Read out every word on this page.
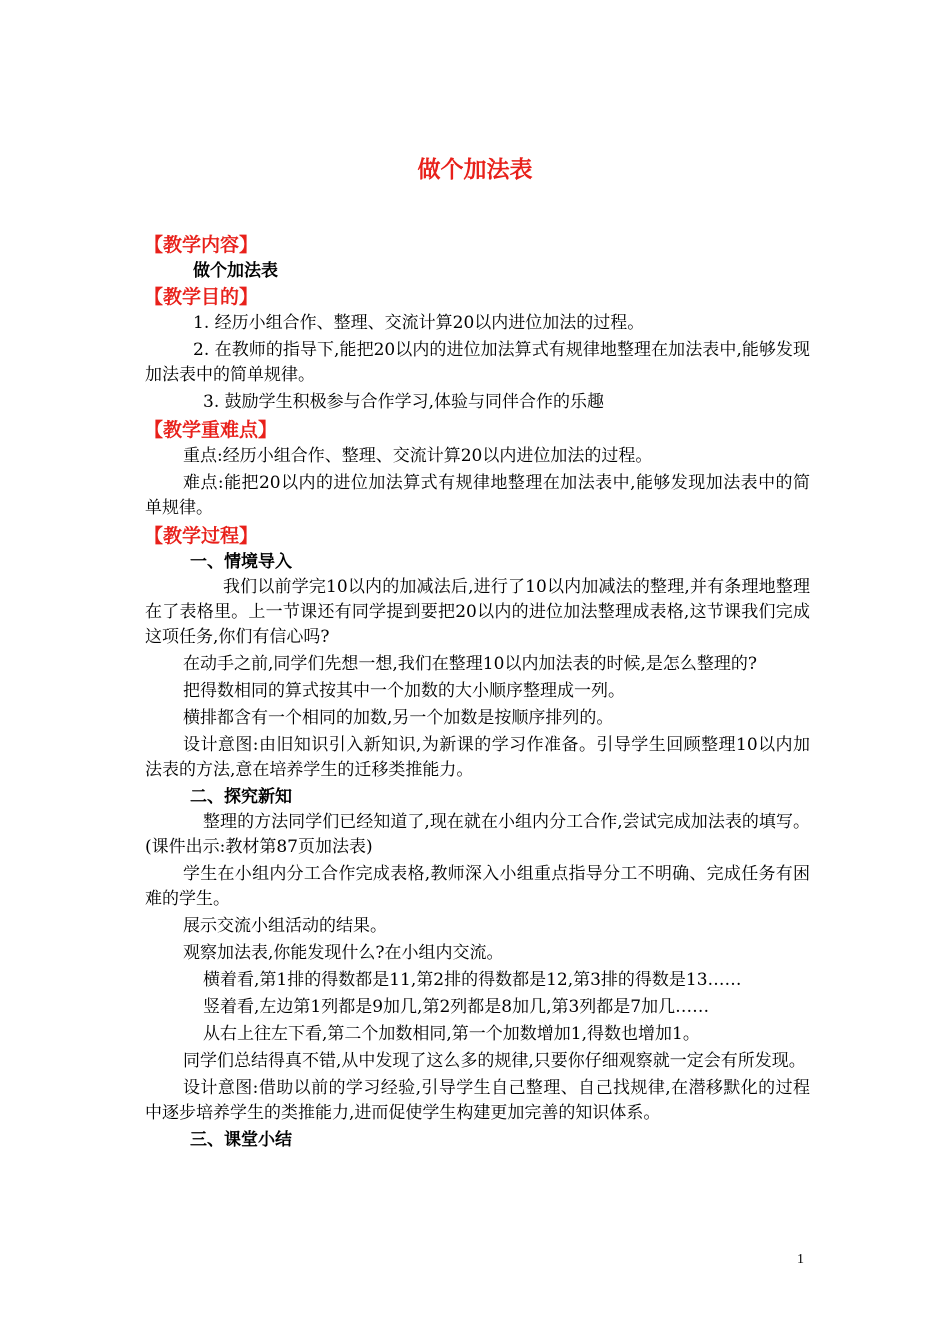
做个加法表
【教学内容】
做个加法表
【教学目的】
1. 经历小组合作、整理、交流计算20以内进位加法的过程。
2. 在教师的指导下,能把20以内的进位加法算式有规律地整理在加法表中,能够发现加法表中的简单规律。
3. 鼓励学生积极参与合作学习,体验与同伴合作的乐趣
【教学重难点】
重点:经历小组合作、整理、交流计算20以内进位加法的过程。
难点:能把20以内的进位加法算式有规律地整理在加法表中,能够发现加法表中的简单规律。
【教学过程】
一、情境导入
我们以前学完10以内的加减法后,进行了10以内加减法的整理,并有条理地整理在了表格里。上一节课还有同学提到要把20以内的进位加法整理成表格,这节课我们完成这项任务,你们有信心吗?
在动手之前,同学们先想一想,我们在整理10以内加法表的时候,是怎么整理的?
把得数相同的算式按其中一个加数的大小顺序整理成一列。
横排都含有一个相同的加数,另一个加数是按顺序排列的。
设计意图:由旧知识引入新知识,为新课的学习作准备。引导学生回顾整理10以内加法表的方法,意在培养学生的迁移类推能力。
二、探究新知
整理的方法同学们已经知道了,现在就在小组内分工合作,尝试完成加法表的填写。(课件出示:教材第87页加法表)
学生在小组内分工合作完成表格,教师深入小组重点指导分工不明确、完成任务有困难的学生。
展示交流小组活动的结果。
观察加法表,你能发现什么?在小组内交流。
横着看,第1排的得数都是11,第2排的得数都是12,第3排的得数是13……
竖着看,左边第1列都是9加几,第2列都是8加几,第3列都是7加几……
从右上往左下看,第二个加数相同,第一个加数增加1,得数也增加1。
同学们总结得真不错,从中发现了这么多的规律,只要你仔细观察就一定会有所发现。
设计意图:借助以前的学习经验,引导学生自己整理、自己找规律,在潜移默化的过程中逐步培养学生的类推能力,进而促使学生构建更加完善的知识体系。
三、课堂小结
1
